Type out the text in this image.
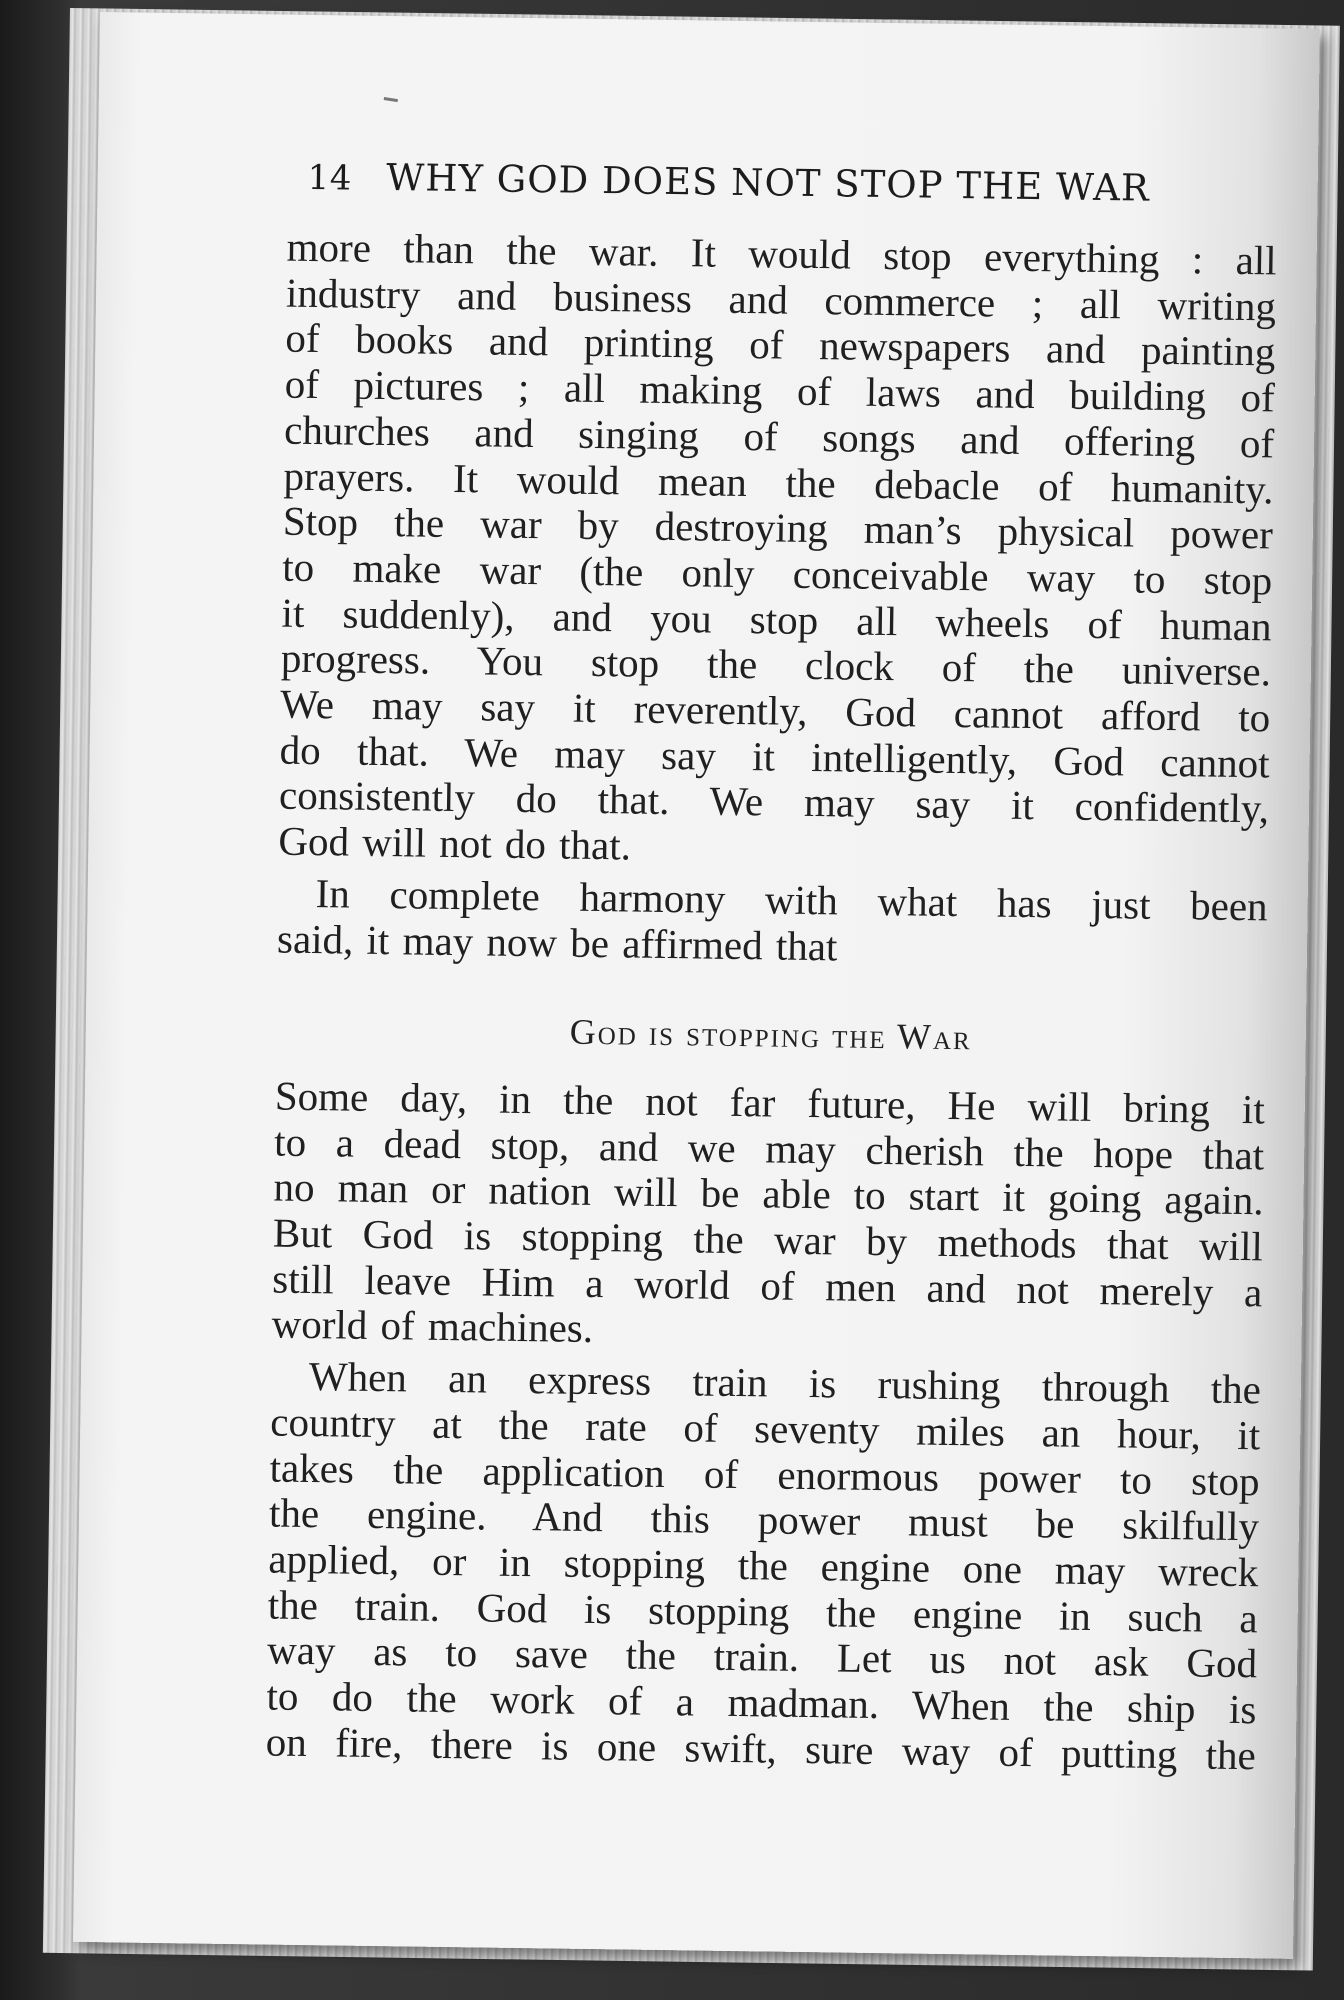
14 WHY GOD DOES NOT STOP THE WAR
more than the war. It would stop everything : all
industry and business and commerce ; all writing
of books and printing of newspapers and painting
of pictures ; all making of laws and building of
churches and singing of songs and offering of
prayers. It would mean the debacle of humanity.
Stop the war by destroying man’s physical power
to make war (the only conceivable way to stop
it suddenly), and you stop all wheels of human
progress. You stop the clock of the universe.
We may say it reverently, God cannot afford to
do that. We may say it intelligently, God cannot
consistently do that. We may say it confidently,
God will not do that.
In complete harmony with what has just been
said, it may now be affirmed that
God is stopping the War
Some day, in the not far future, He will bring it
to a dead stop, and we may cherish the hope that
no man or nation will be able to start it going again.
But God is stopping the war by methods that will
still leave Him a world of men and not merely a
world of machines.
When an express train is rushing through the
country at the rate of seventy miles an hour, it
takes the application of enormous power to stop
the engine. And this power must be skilfully
applied, or in stopping the engine one may wreck
the train. God is stopping the engine in such a
way as to save the train. Let us not ask God
to do the work of a madman. When the ship is
on fire, there is one swift, sure way of putting the
